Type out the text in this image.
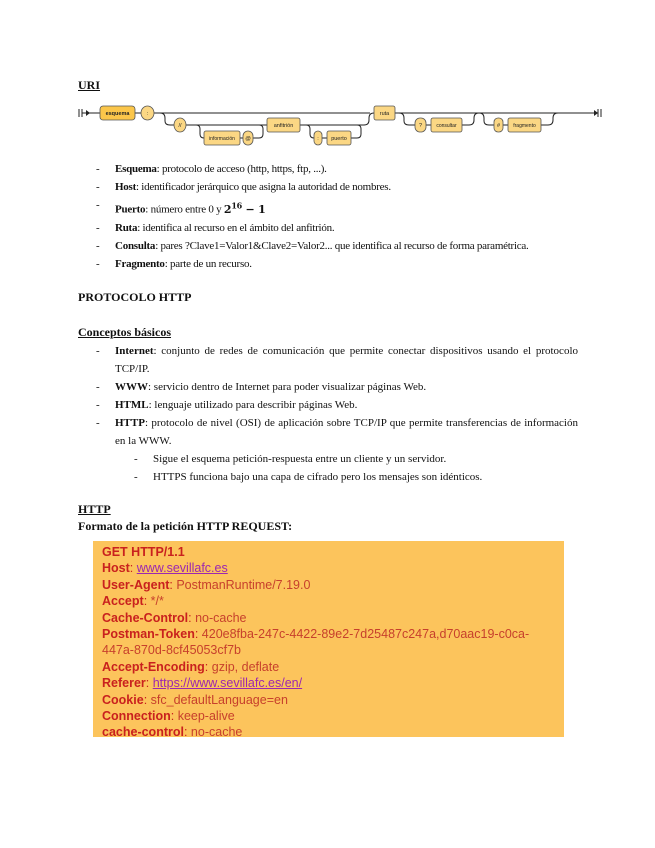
URI
esquema	:
//
información @
anfitrión
: puerto
ruta
?	consultar	#	fragmento
- Esquema: protocolo de acceso (http, https, ftp, ...).
- Host: identificador jerárquico que asigna la autoridad de nombres.
- Puerto: número entre 0 y $2^{16} - 1$
- Ruta: identifica al recurso en el ámbito del anfitrión.
- Consulta: pares ?Clave1=Valor1&Clave2=Valor2... que identifica al recurso de forma paramétrica.
- Fragmento: parte de un recurso.
PROTOCOLO HTTP
Conceptos básicos
- Internet: conjunto de redes de comunicación que permite conectar dispositivos usando el protocolo TCP/IP.
- WWW: servicio dentro de Internet para poder visualizar páginas Web.
- HTML: lenguaje utilizado para describir páginas Web.
- HTTP: protocolo de nivel (OSI) de aplicación sobre TCP/IP que permite transferencias de información en la WWW.
- Sigue el esquema petición-respuesta entre un cliente y un servidor.
- HTTPS funciona bajo una capa de cifrado pero los mensajes son idénticos.
HTTP
Formato de la petición HTTP REQUEST:
GET HTTP/1.1
Host: www.sevillafc.es
User-Agent: PostmanRuntime/7.19.0
Accept: */*
Cache-Control: no-cache
Postman-Token: 420e8fba-247c-4422-89e2-7d25487c247a,d70aac19-c0ca-
447a-870d-8cf45053cf7b
Accept-Encoding: gzip, deflate
Referer: https://www.sevillafc.es/en/
Cookie: sfc_defaultLanguage=en
Connection: keep-alive
cache-control: no-cache
